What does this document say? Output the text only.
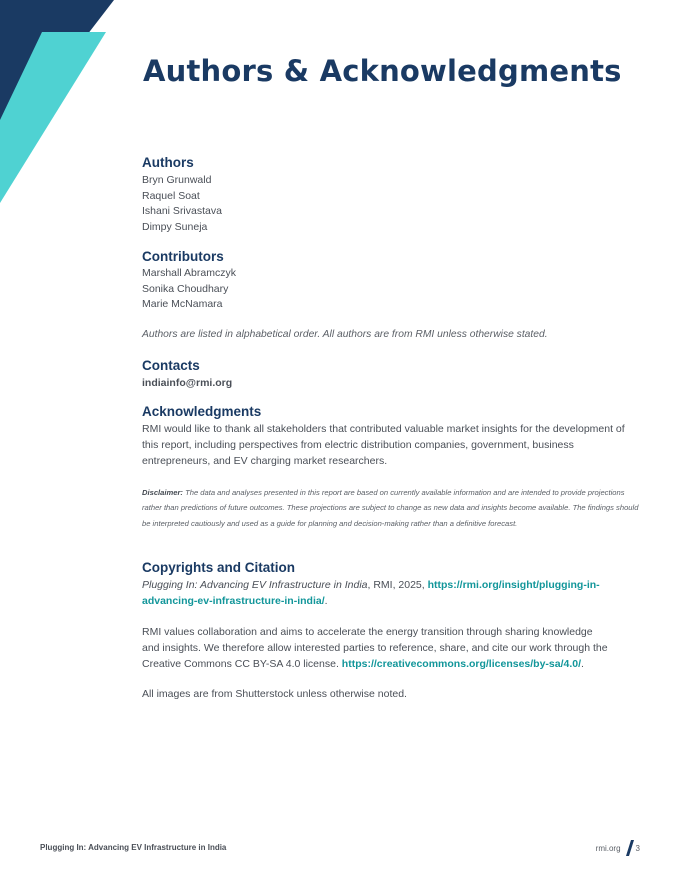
Authors & Acknowledgments
Authors
Bryn Grunwald
Raquel Soat
Ishani Srivastava
Dimpy Suneja
Contributors
Marshall Abramczyk
Sonika Choudhary
Marie McNamara

Authors are listed in alphabetical order. All authors are from RMI unless otherwise stated.

Contacts
indiainfo@rmi.org
Acknowledgments

RMI would like to thank all stakeholders that contributed valuable market insights for the development of this report, including perspectives from electric distribution companies, government, business entrepreneurs, and EV charging market researchers.

Disclaimer: The data and analyses presented in this report are based on currently available information and are intended to provide projections rather than predictions of future outcomes. These projections are subject to change as new data and insights become available. The findings should be interpreted cautiously and used as a guide for planning and decision-making rather than a definitive forecast.

Copyrights and Citation

Plugging In: Advancing EV Infrastructure in India, RMI, 2025, https://rmi.org/insight/plugging-in-advancing-ev-infrastructure-in-india/.

RMI values collaboration and aims to accelerate the energy transition through sharing knowledge and insights. We therefore allow interested parties to reference, share, and cite our work through the Creative Commons CC BY-SA 4.0 license. https://creativecommons.org/licenses/by-sa/4.0/.

All images are from Shutterstock unless otherwise noted.

Plugging In: Advancing EV Infrastructure in India	rmi.org 3
